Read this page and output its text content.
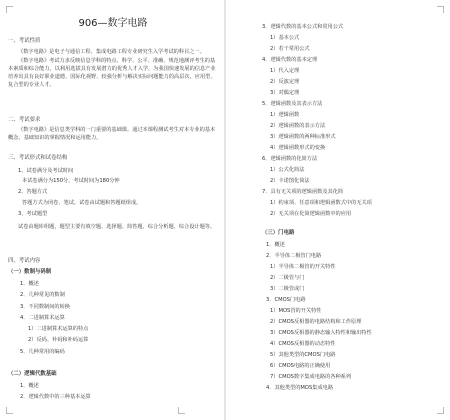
906—数字电路
一、考试性质
《数字电路》是电子与通信工程、集成电路工程专业研究生入学考试的科目之一。
《数字电路》考试力求反映信息学科的特点、科学、公平、准确、规范地测评考生的基本素质和综合能力，以利用选拔具有发展潜力的优秀人才入学，为我国快速发展的信息产业培养出具有良好职业道德、国际化视野、较强分析与解决实际问题能力的高层次、应用型、复合型的专业人才。
二、考试要求
《数字电路》是信息类学科的一门重要的基础课。通过本课程测试考生对本专业的基本概念、基础知识的掌握情况和运用能力。
三、考试形式和试卷结构
1、试卷满分及考试时间
本试卷满分为150分，考试时间为180分钟
2、答题方式
答题方式为闭卷、笔试。试卷由试题和答题纸组成。
3、考试题型
试卷由题库组题，题型主要有填空题、选择题、简答题、综合分析题、综合设计题等。
四、考试内容
（一）数制与码制
1．概述
2．几种常见的数制
3．不同数制间的转换
4．二进制算术运算
1）二进制算术运算的特点
2）反码、补码和补码运算
5．几种常用的编码
（二）逻辑代数基础
1．概述
2．逻辑代数中的三种基本运算
3．逻辑代数的基本公式和常用公式
1）基本公式
2）若干常用公式
4．逻辑代数的基本定理
1）代入定理
2）反演定理
3）对偶定理
5．逻辑函数及其表示方法
1）逻辑函数
2）逻辑函数的表示方法
3）逻辑函数的两种标准形式
4）逻辑函数形式的变换
6．逻辑函数的化简方法
1）公式化简法
2）卡诺图化简法
7．具有无关项的逻辑函数及其化简
1）约束项、任意项和逻辑函数式中的无关项
2）无关项在化简逻辑函数中的应用
（三）门电路
1．概述
2．半导体二极管门电路
1）半导体二极管的开关特性
2）二极管与门
3）二极管或门
3．CMOS门电路
1）MOS管的开关特性
2）CMOS反相器的电路结构和工作原理
3）CMOS反相器的静态输入特性和输出特性
4）CMOS反相器的动态特性
5）其他类型的CMOS门电路
6）CMOS电路的正确使用
7）CMOS数字集成电路的各种系列
4．其他类型的MOS集成电路
